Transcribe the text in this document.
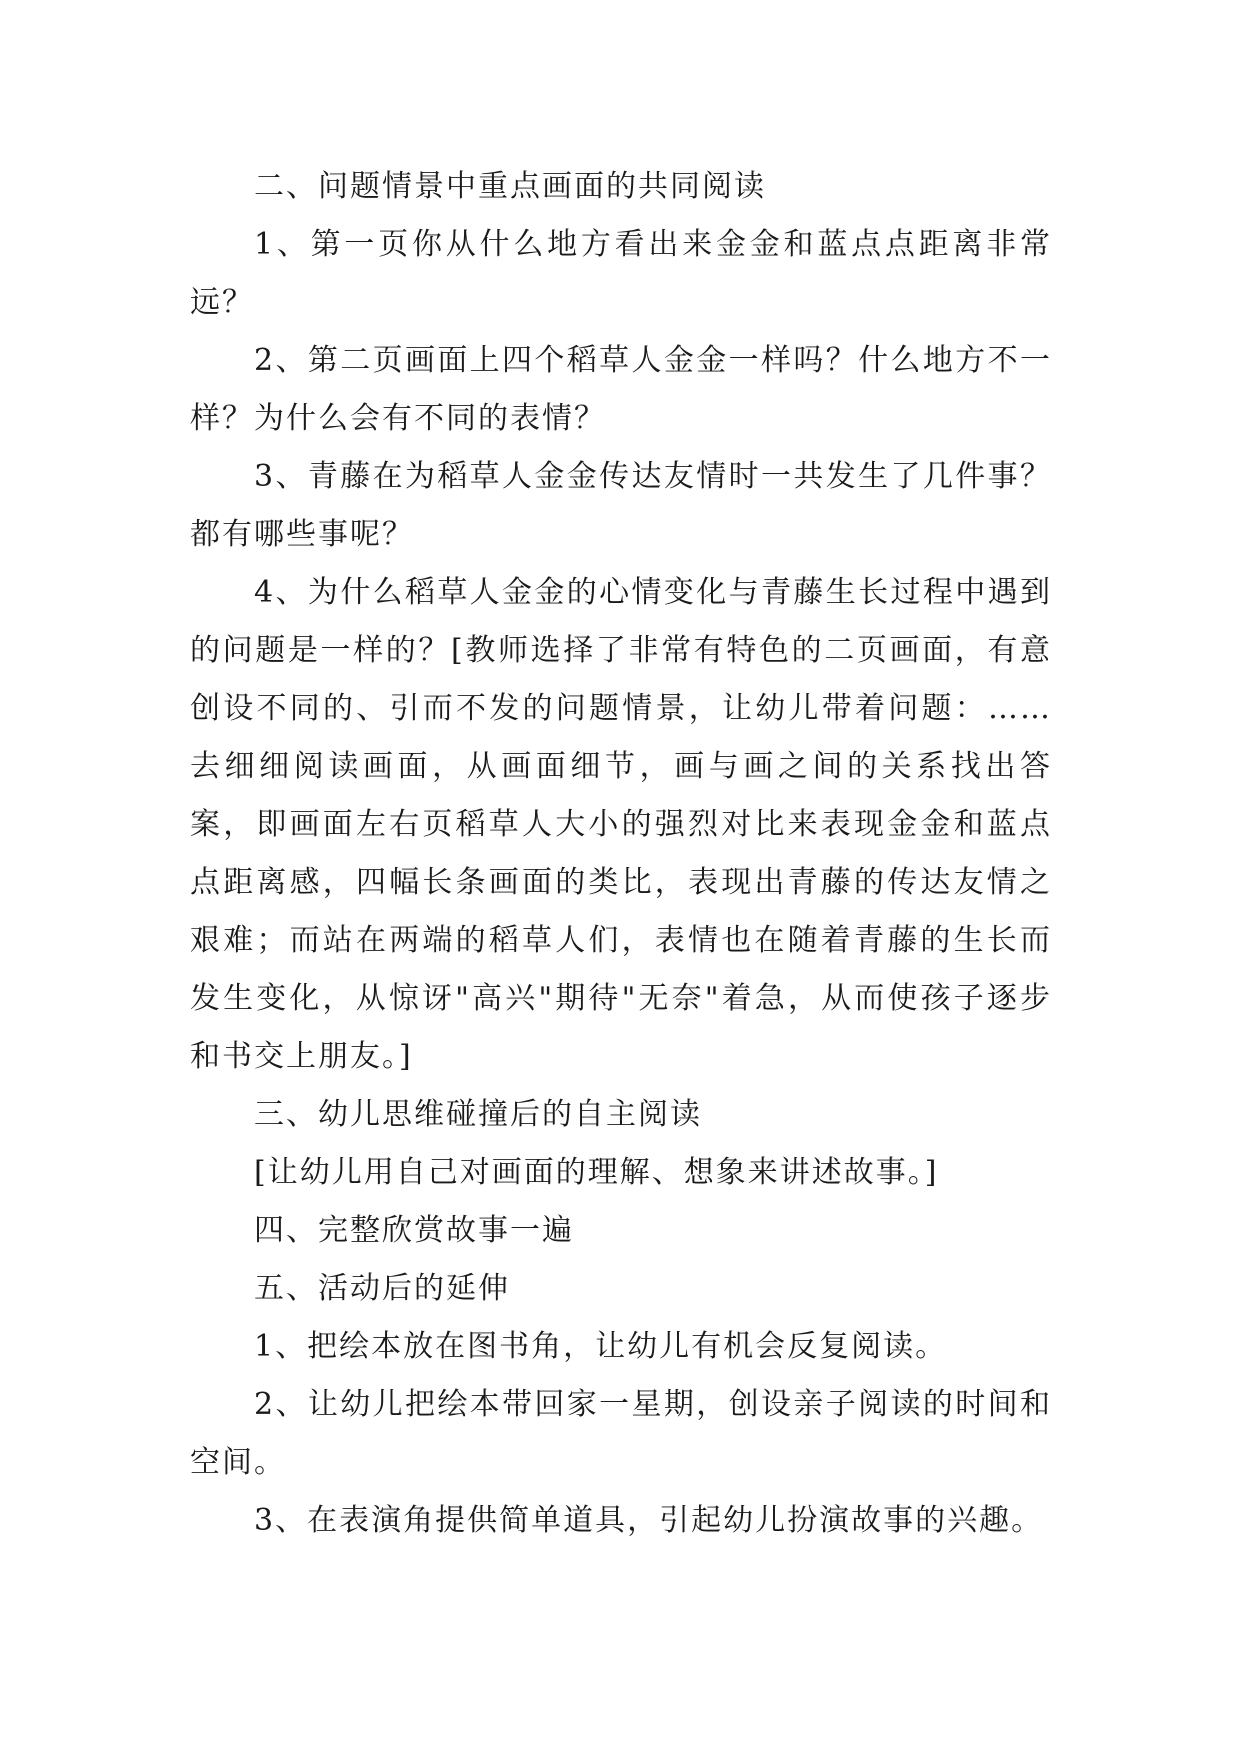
二、问题情景中重点画面的共同阅读

1、第一页你从什么地方看出来金金和蓝点点距离非常远？

2、第二页画面上四个稻草人金金一样吗？什么地方不一样？为什么会有不同的表情？

3、青藤在为稻草人金金传达友情时一共发生了几件事？都有哪些事呢？

4、为什么稻草人金金的心情变化与青藤生长过程中遇到的问题是一样的？[教师选择了非常有特色的二页画面，有意创设不同的、引而不发的问题情景，让幼儿带着问题：……去细细阅读画面，从画面细节，画与画之间的关系找出答案，即画面左右页稻草人大小的强烈对比来表现金金和蓝点点距离感，四幅长条画面的类比，表现出青藤的传达友情之艰难；而站在两端的稻草人们，表情也在随着青藤的生长而发生变化，从惊讶"高兴"期待"无奈"着急，从而使孩子逐步和书交上朋友。]

三、幼儿思维碰撞后的自主阅读

[让幼儿用自己对画面的理解、想象来讲述故事。]

四、完整欣赏故事一遍

五、活动后的延伸

1、把绘本放在图书角，让幼儿有机会反复阅读。

2、让幼儿把绘本带回家一星期，创设亲子阅读的时间和空间。

3、在表演角提供简单道具，引起幼儿扮演故事的兴趣。
